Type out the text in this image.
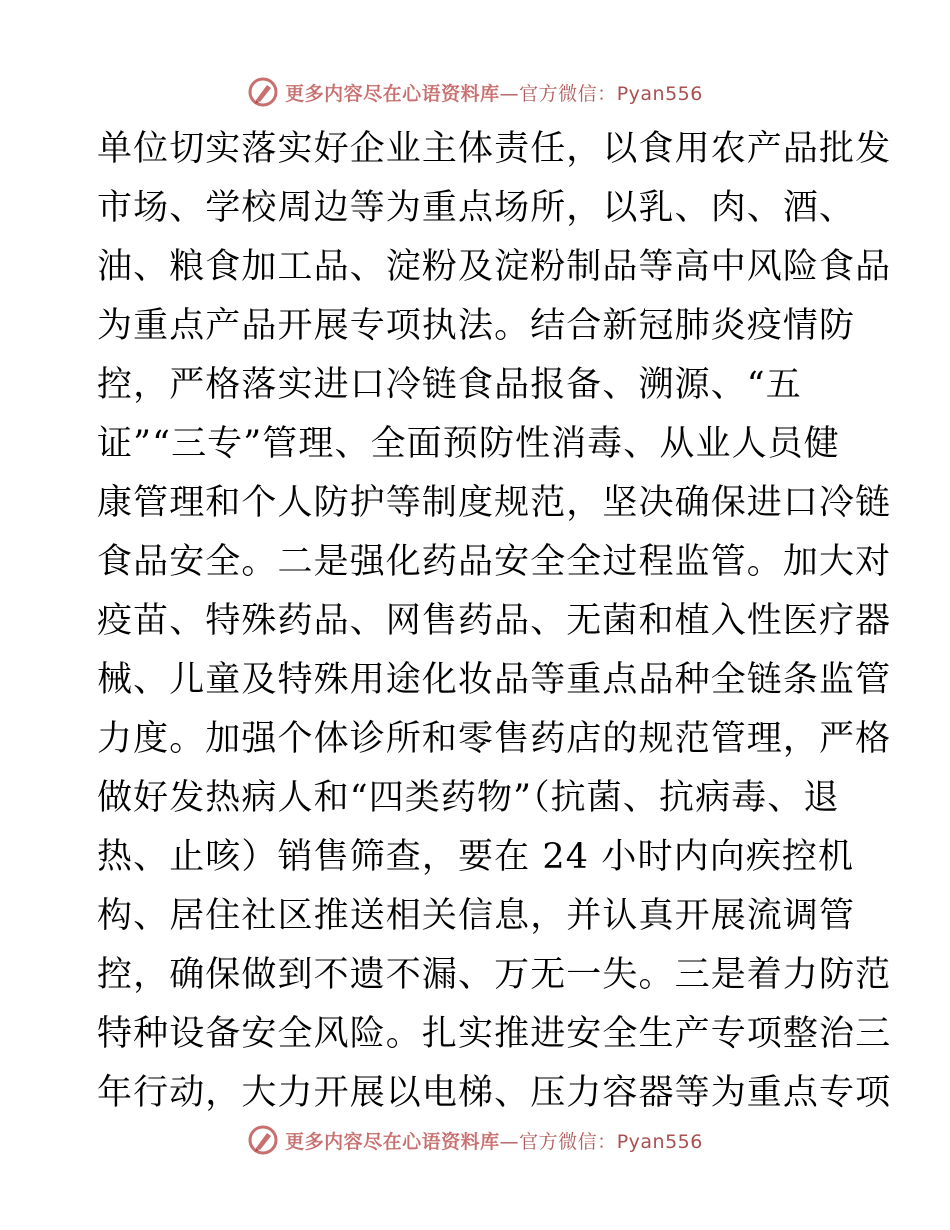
更多内容尽在心语资料库—官方微信：Pyan556
单位切实落实好企业主体责任，以食用农产品批发
市场、学校周边等为重点场所，以乳、肉、酒、
油、粮食加工品、淀粉及淀粉制品等高中风险食品
为重点产品开展专项执法。结合新冠肺炎疫情防
控，严格落实进口冷链食品报备、溯源、“五
证”“三专”管理、全面预防性消毒、从业人员健
康管理和个人防护等制度规范，坚决确保进口冷链
食品安全。二是强化药品安全全过程监管。加大对
疫苗、特殊药品、网售药品、无菌和植入性医疗器
械、儿童及特殊用途化妆品等重点品种全链条监管
力度。加强个体诊所和零售药店的规范管理，严格
做好发热病人和“四类药物”（抗菌、抗病毒、退
热、止咳）销售筛查，要在 24 小时内向疾控机
构、居住社区推送相关信息，并认真开展流调管
控，确保做到不遗不漏、万无一失。三是着力防范
特种设备安全风险。扎实推进安全生产专项整治三
年行动，大力开展以电梯、压力容器等为重点专项
更多内容尽在心语资料库—官方微信：Pyan556
